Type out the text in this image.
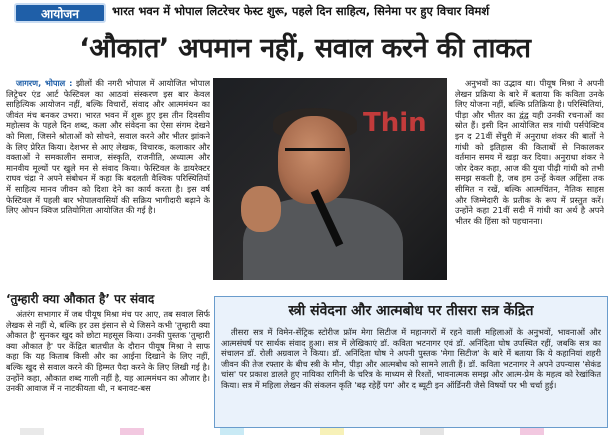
आयोजन	भारत भवन में भोपाल लिटरेचर फेस्ट शुरू, पहले दिन साहित्य, सिनेमा पर हुए विचार विमर्श
‘औकात’ अपमान नहीं, सवाल करने की ताकत

जागरण, भोपाल : झीलों की नगरी भोपाल में आयोजित भोपाल लिट्रेचर एंड आर्ट फेस्टिवल का आठवां संस्करण इस बार केवल साहित्यिक आयोजन नहीं, बल्कि विचारों, संवाद और आत्ममंथन का जीवंत मंच बनकर उभरा। भारत भवन में शुरू हुए इस तीन दिवसीय महोत्सव के पहले दिन शब्द, कला और संवेदना का ऐसा संगम देखने को मिला, जिसने श्रोताओं को सोचने, सवाल करने और भीतर झांकने के लिए प्रेरित किया। देशभर से आए लेखक, विचारक, कलाकार और वक्ताओं ने समकालीन समाज, संस्कृति, राजनीति, अध्यात्म और मानवीय मूल्यों पर खुले मन से संवाद किया। फेस्टिवल के डायरेक्टर राघव चंद्रा ने अपने संबोधन में कहा कि बदलती वैश्विक परिस्थितियों में साहित्य मानव जीवन को दिशा देने का कार्य करता है। इस वर्ष फेस्टिवल में पहली बार भोपालवासियों की सक्रिय भागीदारी बढ़ाने के लिए ओपन क्विज प्रतियोगिता आयोजित की गई है।

Thin

अनुभवों का उद्भाव था। पीयूष मिश्रा ने अपनी लेखन प्रक्रिया के बारे में बताया कि कविता उनके लिए योजना नहीं, बल्कि प्रतिक्रिया है। परिस्थितियां, पीड़ा और भीतर का द्वंद्व यही उनकी रचनाओं का स्रोत हैं। इसी दिन आयोजित सत्र गांधी पर्सपेक्टिव इन द 21वीं सेंचुरी में अनुराधा शंकर की बातों ने गांधी को इतिहास की किताबों से निकालकर वर्तमान समय में खड़ा कर दिया। अनुराधा शंकर ने जोर देकर कहा, आज की युवा पीढ़ी गांधी को तभी समझ सकती है, जब हम उन्हें केवल अहिंसा तक सीमित न रखें, बल्कि आत्मचिंतन, नैतिक साहस और जिम्मेदारी के प्रतीक के रूप में प्रस्तुत करें। उन्होंने कहा 21वीं सदी में गांधी का अर्थ है अपने भीतर की हिंसा को पहचानना।

‘तुम्हारी क्या औकात है’ पर संवाद

अंतरंग सभागार में जब पीयूष मिश्रा मंच पर आए, तब सवाल सिर्फ लेखक से नहीं थे, बल्कि हर उस इंसान से थे जिसने कभी 'तुम्हारी क्या औकात है' सुनकर खुद को छोटा महसूस किया। उनकी पुस्तक 'तुम्हारी क्या औकात है' पर केंद्रित बातचीत के दौरान पीयूष मिश्रा ने साफ कहा कि यह किताब किसी और का आईना दिखाने के लिए नहीं, बल्कि खुद से सवाल करने की हिम्मत पैदा करने के लिए लिखी गई है। उन्होंने कहा, औकात शब्द गाली नहीं है, यह आत्ममंथन का औजार है। उनकी आवाज में न नाटकीयता थी, न बनावट-बस

स्त्री संवेदना और आत्मबोध पर तीसरा सत्र केंद्रित

तीसरा सत्र में विमेन-सेंट्रिक स्टोरीज फ्रॉम मेगा सिटीज में महानगरों में रहने वाली महिलाओं के अनुभवों, भावनाओं और आत्मसंघर्ष पर सार्थक संवाद हुआ। सत्र में लेखिकाएं डॉ. कविता भटनागर एवं डॉ. अनिंदिता घोष उपस्थित रहीं, जबकि सत्र का संचालन डॉ. रोली अग्रवाल ने किया। डॉ. अनिंदिता घोष ने अपनी पुस्तक 'मेगा सिटीज' के बारे में बताया कि ये कहानियां शहरी जीवन की तेज रफ्तार के बीच स्त्री के मौन, पीड़ा और आत्मबोध को सामने लाती हैं। डॉ. कविता भटनागर ने अपने उपन्यास 'सेकंड चांस' पर प्रकाश डालते हुए नायिका रागिनी के चरित्र के माध्यम से रिश्तों, भावनात्मक समझ और आत्म-प्रेम के महत्व को रेखांकित किया। सत्र में महिला लेखन की संकलन कृति 'बढ़ रहेहैं पग' और द ब्यूटी इन ऑर्डिनरी जैसे विषयों पर भी चर्चा हुई।
